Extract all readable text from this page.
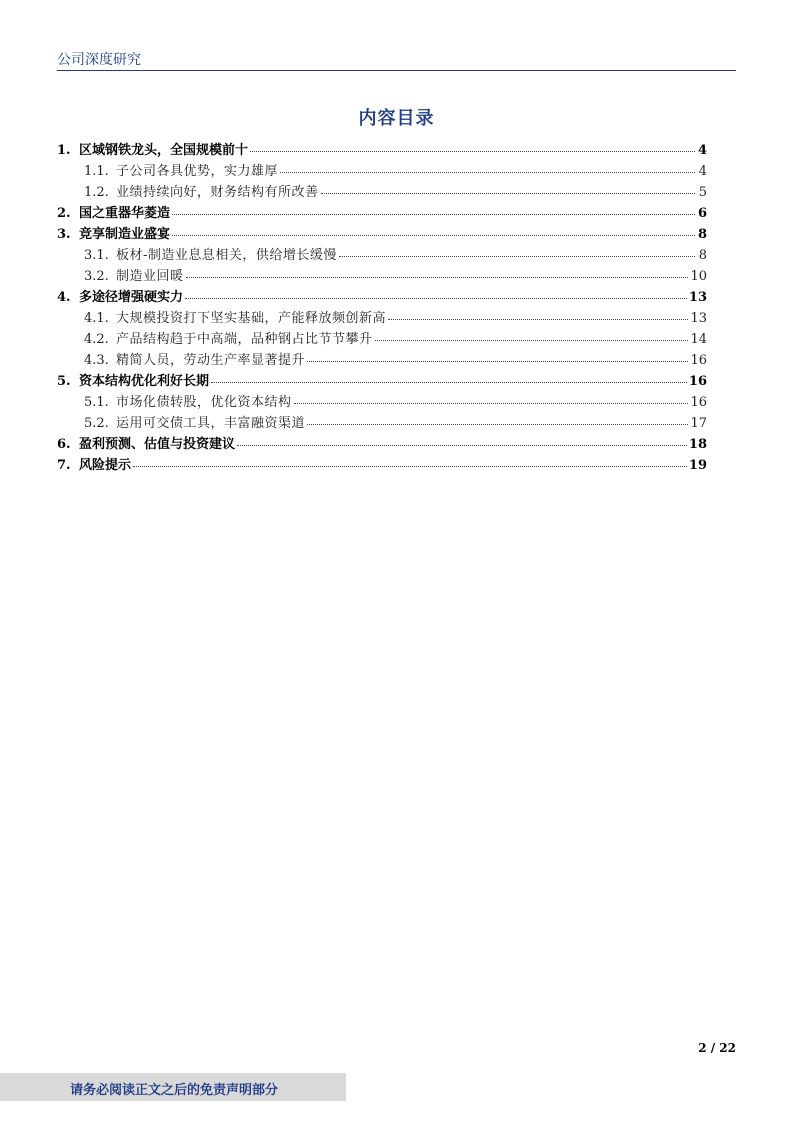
公司深度研究
内容目录
1. 区域钢铁龙头，全国规模前十	4
1.1. 子公司各具优势，实力雄厚	4
1.2. 业绩持续向好，财务结构有所改善	5
2. 国之重器华菱造	6
3. 竞享制造业盛宴	8
3.1. 板材-制造业息息相关，供给增长缓慢	8
3.2. 制造业回暖	10
4. 多途径增强硬实力	13
4.1. 大规模投资打下坚实基础，产能释放频创新高	13
4.2. 产品结构趋于中高端，品种钢占比节节攀升	14
4.3. 精简人员，劳动生产率显著提升	16
5. 资本结构优化利好长期	16
5.1. 市场化债转股，优化资本结构	16
5.2. 运用可交债工具，丰富融资渠道	17
6. 盈利预测、估值与投资建议	18
7. 风险提示	19
2 / 22
请务必阅读正文之后的免责声明部分
